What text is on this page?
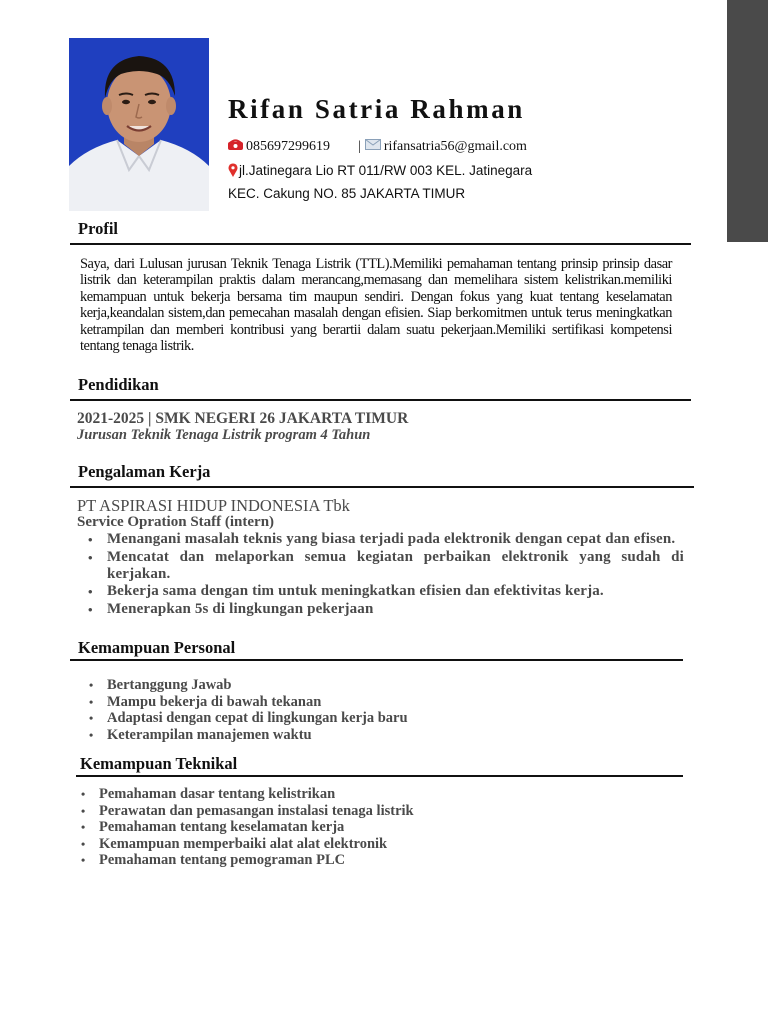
Rifan Satria Rahman
085697299619 | rifansatria56@gmail.com
jl.Jatinegara Lio RT 011/RW 003 KEL. Jatinegara
KEC. Cakung NO. 85 JAKARTA TIMUR
Profil

Saya, dari Lulusan jurusan Teknik Tenaga Listrik (TTL).Memiliki pemahaman tentang prinsip prinsip dasar listrik dan keterampilan praktis dalam merancang,memasang dan memelihara sistem kelistrikan.memiliki kemampuan untuk bekerja bersama tim maupun sendiri. Dengan fokus yang kuat tentang keselamatan kerja,keandalan sistem,dan pemecahan masalah dengan efisien. Siap berkomitmen untuk terus meningkatkan ketrampilan dan memberi kontribusi yang berartii dalam suatu pekerjaan.Memiliki sertifikasi kompetensi tentang tenaga listrik.

Pendidikan
2021-2025 | SMK NEGERI 26 JAKARTA TIMUR
Jurusan Teknik Tenaga Listrik program 4 Tahun
Pengalaman Kerja
PT ASPIRASI HIDUP INDONESIA Tbk
Service Opration Staff (intern)
• Menangani masalah teknis yang biasa terjadi pada elektronik dengan cepat dan efisen.
• Mencatat dan melaporkan semua kegiatan perbaikan elektronik yang sudah di kerjakan.
• Bekerja sama dengan tim untuk meningkatkan efisien dan efektivitas kerja.
• Menerapkan 5s di lingkungan pekerjaan
Kemampuan Personal
• Bertanggung Jawab
• Mampu bekerja di bawah tekanan
• Adaptasi dengan cepat di lingkungan kerja baru
• Keterampilan manajemen waktu
Kemampuan Teknikal
• Pemahaman dasar tentang kelistrikan
• Perawatan dan pemasangan instalasi tenaga listrik
• Pemahaman tentang keselamatan kerja
• Kemampuan memperbaiki alat alat elektronik
• Pemahaman tentang pemograman PLC
